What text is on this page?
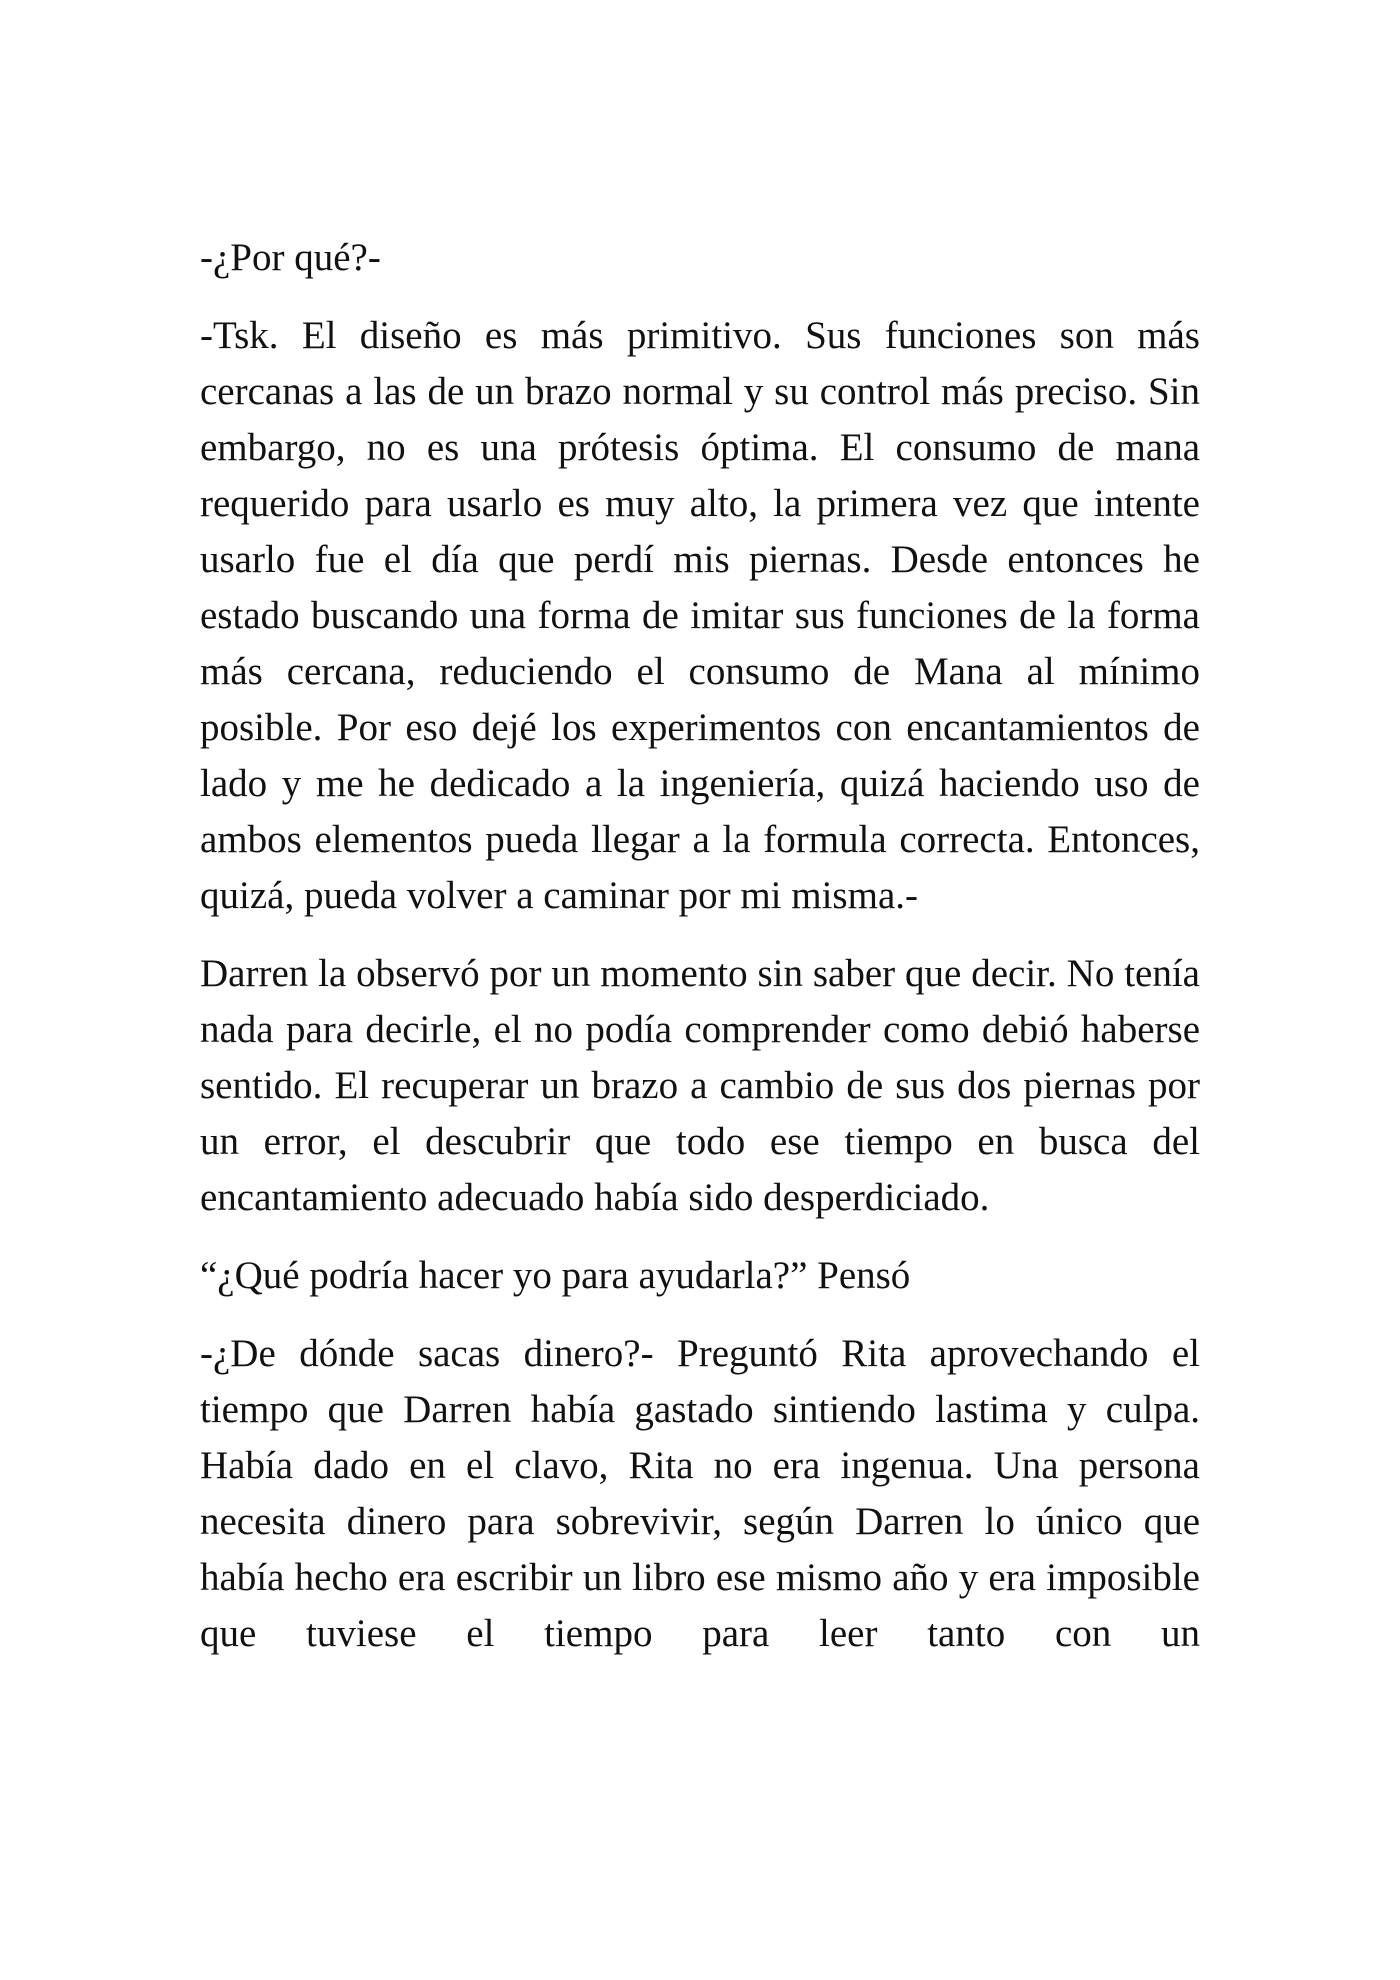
-¿Por qué?-

-Tsk. El diseño es más primitivo. Sus funciones son más cercanas a las de un brazo normal y su control más preciso. Sin embargo, no es una prótesis óptima. El consumo de mana requerido para usarlo es muy alto, la primera vez que intente usarlo fue el día que perdí mis piernas. Desde entonces he estado buscando una forma de imitar sus funciones de la forma más cercana, reduciendo el consumo de Mana al mínimo posible. Por eso dejé los experimentos con encantamientos de lado y me he dedicado a la ingeniería, quizá haciendo uso de ambos elementos pueda llegar a la formula correcta. Entonces, quizá, pueda volver a caminar por mi misma.-

Darren la observó por un momento sin saber que decir. No tenía nada para decirle, el no podía comprender como debió haberse sentido. El recuperar un brazo a cambio de sus dos piernas por un error, el descubrir que todo ese tiempo en busca del encantamiento adecuado había sido desperdiciado.

“¿Qué podría hacer yo para ayudarla?” Pensó

-¿De dónde sacas dinero?- Preguntó Rita aprovechando el tiempo que Darren había gastado sintiendo lastima y culpa. Había dado en el clavo, Rita no era ingenua. Una persona necesita dinero para sobrevivir, según Darren lo único que había hecho era escribir un libro ese mismo año y era imposible que tuviese el tiempo para leer tanto con un
